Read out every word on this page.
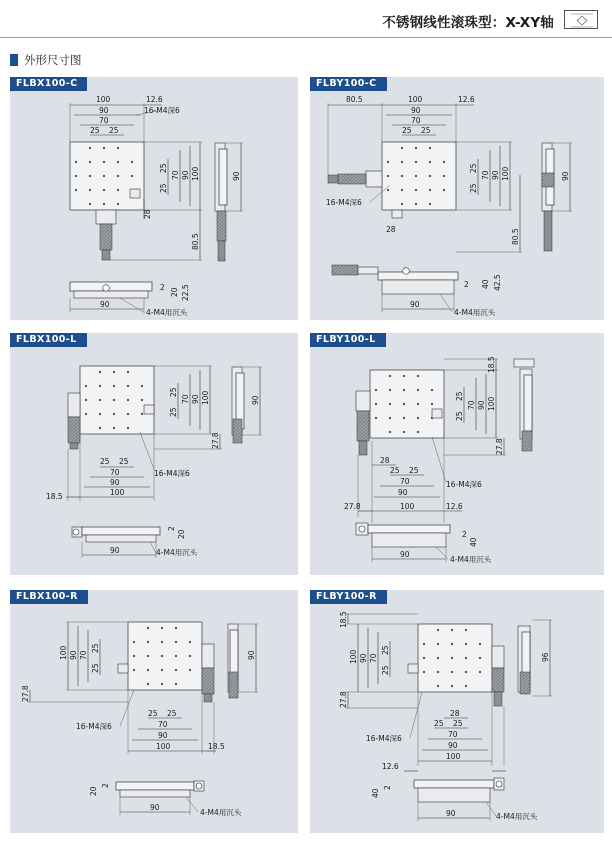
不锈钢线性滚珠型：X-XY轴
外形尺寸图
FLBX100-C
100	12.6
90	16-M4深6
70
25 25
100
90
70
25
25
28
80.5
90
90
2 20 22.5
4-M4用沉头
FLBY100-C
80.5	100	12.6
90
70
25 25
16-M4深6
100
90
70
25
25
28	80.5
90
90
2 40 42.5
4-M4用沉头
FLBX100-L
100
90
70
25
25
27.8
90
25 25
70
90
100
18.5
16-M4深6
90
2
20
4-M4用沉头
FLBY100-L
18.5
100
90
70
25
25
27.8
28
25 25
70
90
27.8	100	12.6
16-M4深6
90
2
40
4-M4用沉头
FLBX100-R
100 90 70
25
25
27.8
90
25 25
70
90
100	18.5
16-M4深6
90
20
2
4-M4用沉头
FLBY100-R
18.5
100 90 70
25
25
27.8
96
28
25 25
70
90
100
16-M4深6
12.6
90
40
2
4-M4用沉头
